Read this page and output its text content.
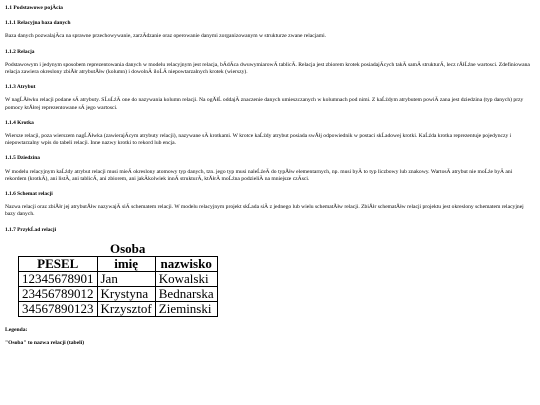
1.1 Podstawowe pojÄcia
1.1.1 Relacyjna baza danych
Baza danych pozwalajÄca na sprawne przechowywanie, zarzÄdzanie oraz operowanie danymi zorganizowanym w strukturze zwane relacjami.
1.1.2 Relacja
Podstawowym i jedynym sposobem reprezentowania danych w modelu relacyjnym jest relacja, bÄdÄca dwuwymiarowÄ tablicÄ. Relacja jest zbiorem krotek posiadajÄcych takÄ samÄ strukturÄ, lecz rĂłĹźne wartosci. Zdefiniowana relacja zawiera okreslony zbiĂłr atrybutĂłw (kolumn) i dowolnÄ iloĹÄ niepowtarzalnych krotek (wierszy).
1.1.3 Atrybut
W nagĹĂłwku relacji podane sÄ atrybuty. SĹuĹźÄ one do nazywania kolumn relacji. Na ogĂłĹ oddajÄ znaczenie danych umieszczanych w kolumnach pod nimi. Z kaĹźdym atrybutem powiÄ zana jest dziedzina (typ danych) przy pomocy ktĂłrej reprezentowane sÄ jego wartosci.
1.1.4 Krotka
Wiersze relacji, poza wierszem nagĹĂłwka (zawierajÄcym atrybuty relacji), nazywane sÄ krotkami. W krotce kaĹźdy atrybut posiada swĂłj odpowiednik w postaci skĹadowej krotki. KaĹźda krotka reprezentuje pojedynczy i niepowtarzalny wpis do tabeli relacji. Inne nazwy krotki to rekord lub encja.
1.1.5 Dziedzina
W modelu relacyjnym kaĹźdy atrybut relacji musi mieÄ okreslony atomowy typ danych, tzn. jego typ musi naleĹźeÄ do typĂłw elementarnych, np. musi byÄ to typ liczbowy lub znakowy. WartosÄ atrybut nie moĹźe byÄ ani rekordem (krotkÄ), ani listÄ, ani tablicÄ, ani zbiorem, ani jakÄkolwiek innÄ strukturÄ, ktĂłrÄ moĹźna podzieliÄ na mniejsze czÄsci.
1.1.6 Schemat relacji
Nazwa relacji oraz zbiĂłr jej atrybutĂłw nazywajÄ siÄ schematem relacji. W modelu relacyjnym projekt skĹada siÄ z jednego lub wielu schematĂłw relacji. ZbiĂłr schematĂłw relacji projektu jest okreslony schematem relacyjnej bazy danych.
1.1.7 PrzykĹad relacji
Osoba
PESEL	imię	nazwisko
12345678901	Jan	Kowalski
23456789012	Krystyna	Bednarska
34567890123	Krzysztof	Zieminski
Legenda:
"Osoba" to nazwa relacji (tabeli)
